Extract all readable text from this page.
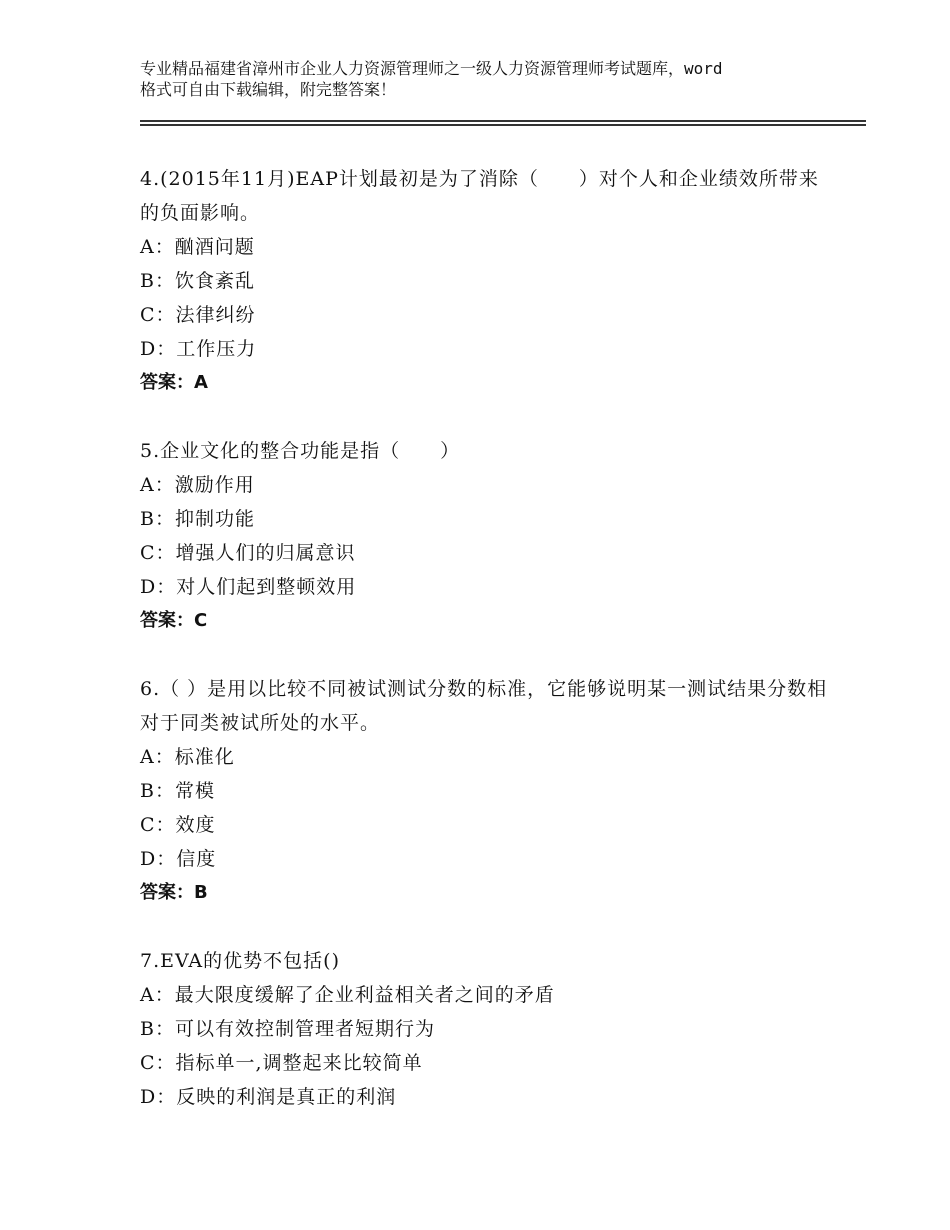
专业精品福建省漳州市企业人力资源管理师之一级人力资源管理师考试题库，word
格式可自由下载编辑，附完整答案！
4.(2015年11月)EAP计划最初是为了消除（　　）对个人和企业绩效所带来的负面影响。
A：酗酒问题
B：饮食紊乱
C：法律纠纷
D：工作压力
答案：A
5.企业文化的整合功能是指（　　）
A：激励作用
B：抑制功能
C：增强人们的归属意识
D：对人们起到整顿效用
答案：C
6.（ ）是用以比较不同被试测试分数的标准，它能够说明某一测试结果分数相对于同类被试所处的水平。
A：标准化
B：常模
C：效度
D：信度
答案：B
7.EVA的优势不包括()
A：最大限度缓解了企业利益相关者之间的矛盾
B：可以有效控制管理者短期行为
C：指标单一,调整起来比较简单
D：反映的利润是真正的利润
